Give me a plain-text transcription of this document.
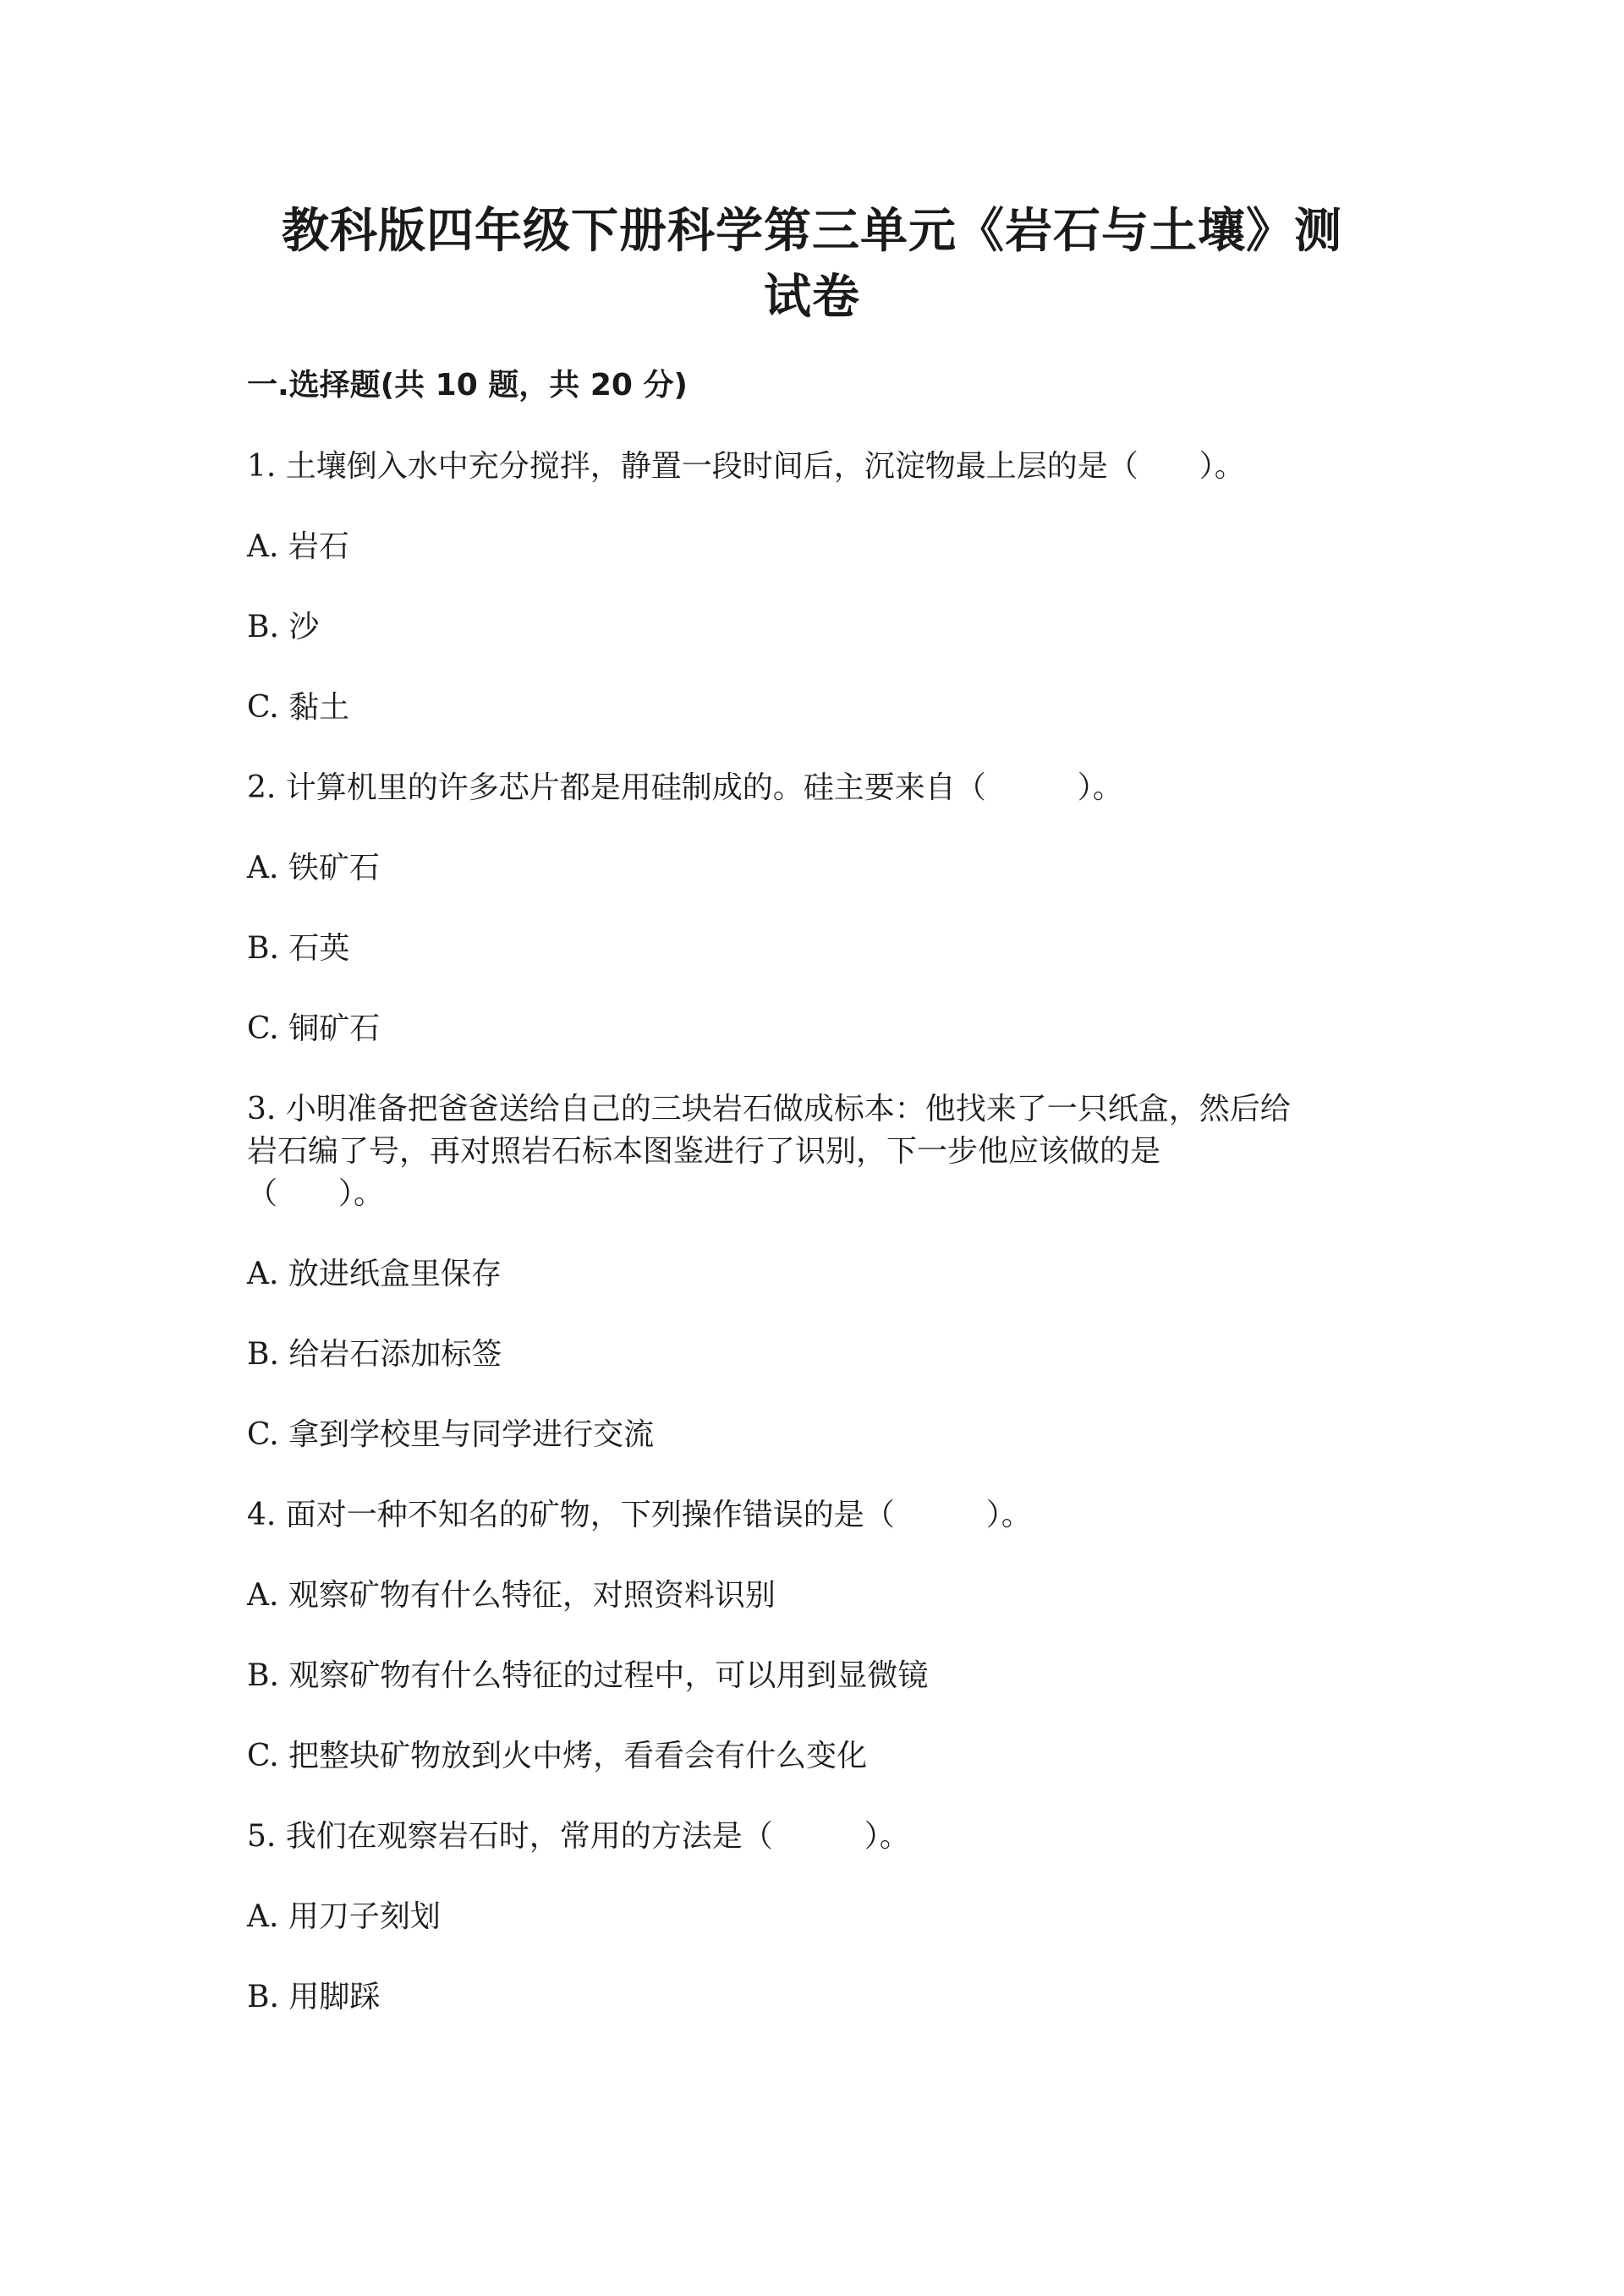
教科版四年级下册科学第三单元《岩石与土壤》测
试卷
一.选择题(共 10 题，共 20 分)
1. 土壤倒入水中充分搅拌，静置一段时间后，沉淀物最上层的是（　　）。
A. 岩石
B. 沙
C. 黏土
2. 计算机里的许多芯片都是用硅制成的。硅主要来自（　　　）。
A. 铁矿石
B. 石英
C. 铜矿石
3. 小明准备把爸爸送给自己的三块岩石做成标本：他找来了一只纸盒，然后给
岩石编了号，再对照岩石标本图鉴进行了识别，下一步他应该做的是
（　　）。
A. 放进纸盒里保存
B. 给岩石添加标签
C. 拿到学校里与同学进行交流
4. 面对一种不知名的矿物，下列操作错误的是（　　　）。
A. 观察矿物有什么特征，对照资料识别
B. 观察矿物有什么特征的过程中，可以用到显微镜
C. 把整块矿物放到火中烤，看看会有什么变化
5. 我们在观察岩石时，常用的方法是（　　　）。
A. 用刀子刻划
B. 用脚踩
